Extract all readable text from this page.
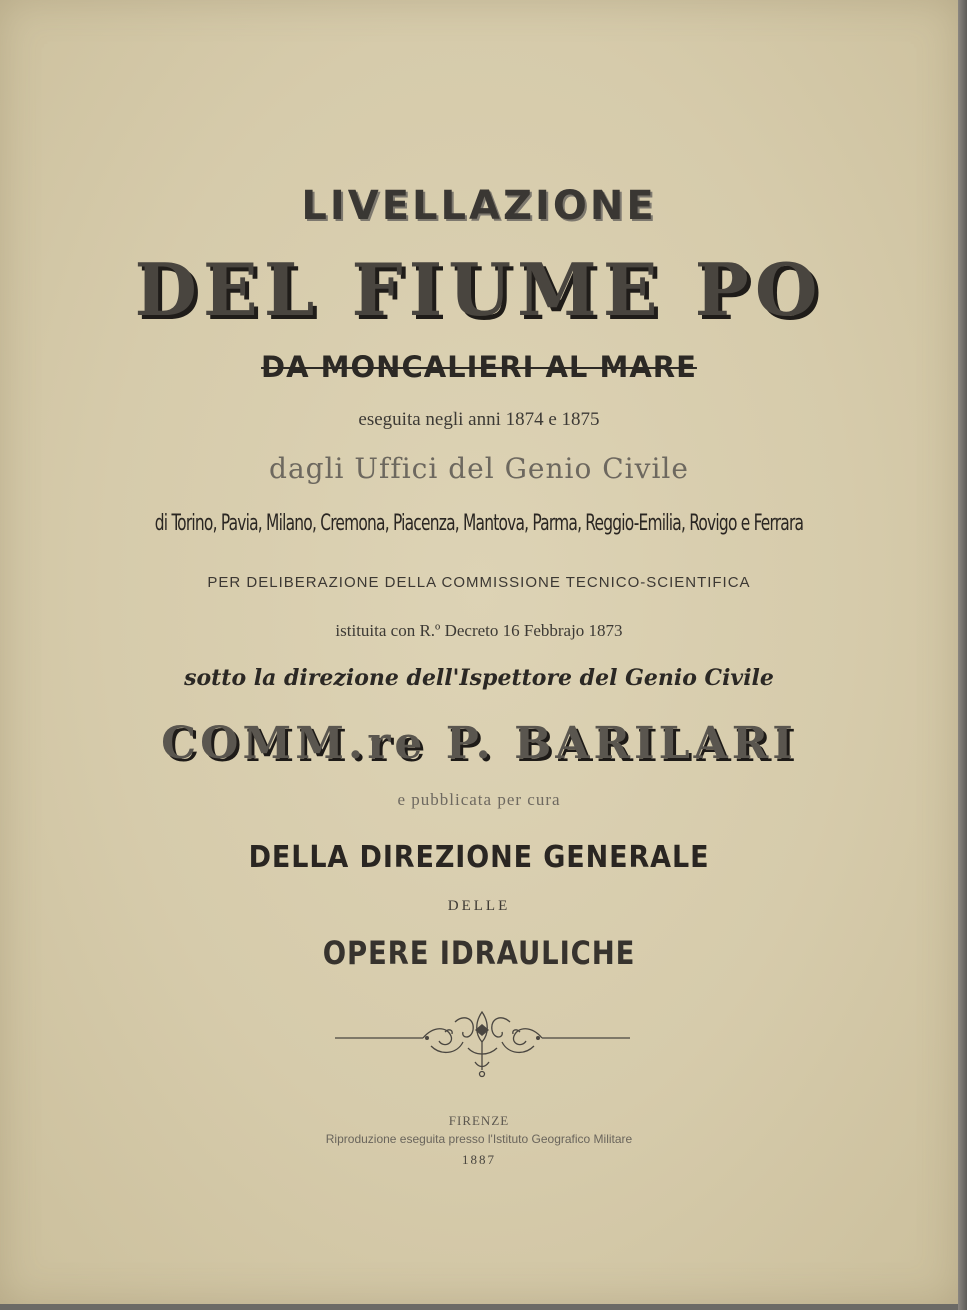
LIVELLAZIONE
DEL FIUME PO
DA MONCALIERI AL MARE
eseguita negli anni 1874 e 1875
dagli Uffici del Genio Civile
di Torino, Pavia, Milano, Cremona, Piacenza, Mantova, Parma, Reggio-Emilia, Rovigo e Ferrara
PER DELIBERAZIONE DELLA COMMISSIONE TECNICO-SCIENTIFICA
istituita con R.º Decreto 16 Febbrajo 1873
sotto la direzione dell'Ispettore del Genio Civile
COMM.re P. BARILARI
e pubblicata per cura
DELLA DIREZIONE GENERALE
DELLE
OPERE IDRAULICHE
FIRENZE
Riproduzione eseguita presso l'Istituto Geografico Militare
1887
